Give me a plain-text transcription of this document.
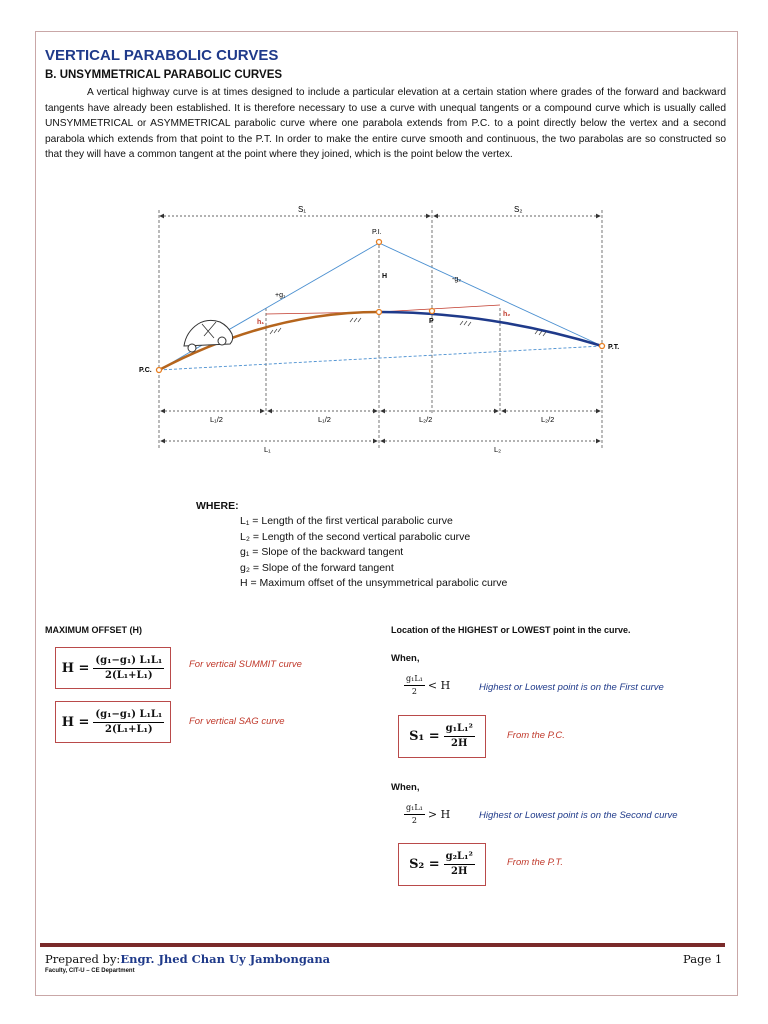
VERTICAL PARABOLIC CURVES
B. UNSYMMETRICAL PARABOLIC CURVES

A vertical highway curve is at times designed to include a particular elevation at a certain station where grades of the forward and backward tangents have already been established. It is therefore necessary to use a curve with unequal tangents or a compound curve which is usually called UNSYMMETRICAL or ASYMMETRICAL parabolic curve where one parabola extends from P.C. to a point directly below the vertex and a second parabola which extends from that point to the P.T. In order to make the entire curve smooth and continuous, the two parabolas are so constructed so that they will have a common tangent at the point where they joined, which is the point below the vertex.

S₁	S₂
P.I.
H
+g₁
-g₂
h₁
h₂
P
P.C.
P.T.
L₁/2	L₁/2	L₂/2	L₂/2
L₁	L₂
WHERE:
L₁ = Length of the first vertical parabolic curve
L₂ = Length of the second vertical parabolic curve
g₁ = Slope of the backward tangent
g₂ = Slope of the forward tangent
H = Maximum offset of the unsymmetrical parabolic curve
MAXIMUM OFFSET (H)
$H = \frac{\text{(g₁−g₁) L₁L₁}}{\text{2(L₁+L₁)}}$	For vertical SUMMIT curve
$H = \frac{\text{(g₁−g₁) L₁L₁}}{\text{2(L₁+L₁)}}$	For vertical SAG curve
Location of the HIGHEST or LOWEST point in the curve.
When,
$\frac{\text{g₁L₁}}{2} < H$	Highest or Lowest point is on the First curve
$S_1 = \frac{\text{g₁L₁²}}{2H}$	From the P.C.
When,
$\frac{\text{g₁L₁}}{2} > H$	Highest or Lowest point is on the Second curve
$S_2 = \frac{\text{g₂L₁²}}{2H}$	From the P.T.
Prepared by:Engr. Jhed Chan Uy Jambongana
Faculty, CIT-U – CE Department
Page 1
